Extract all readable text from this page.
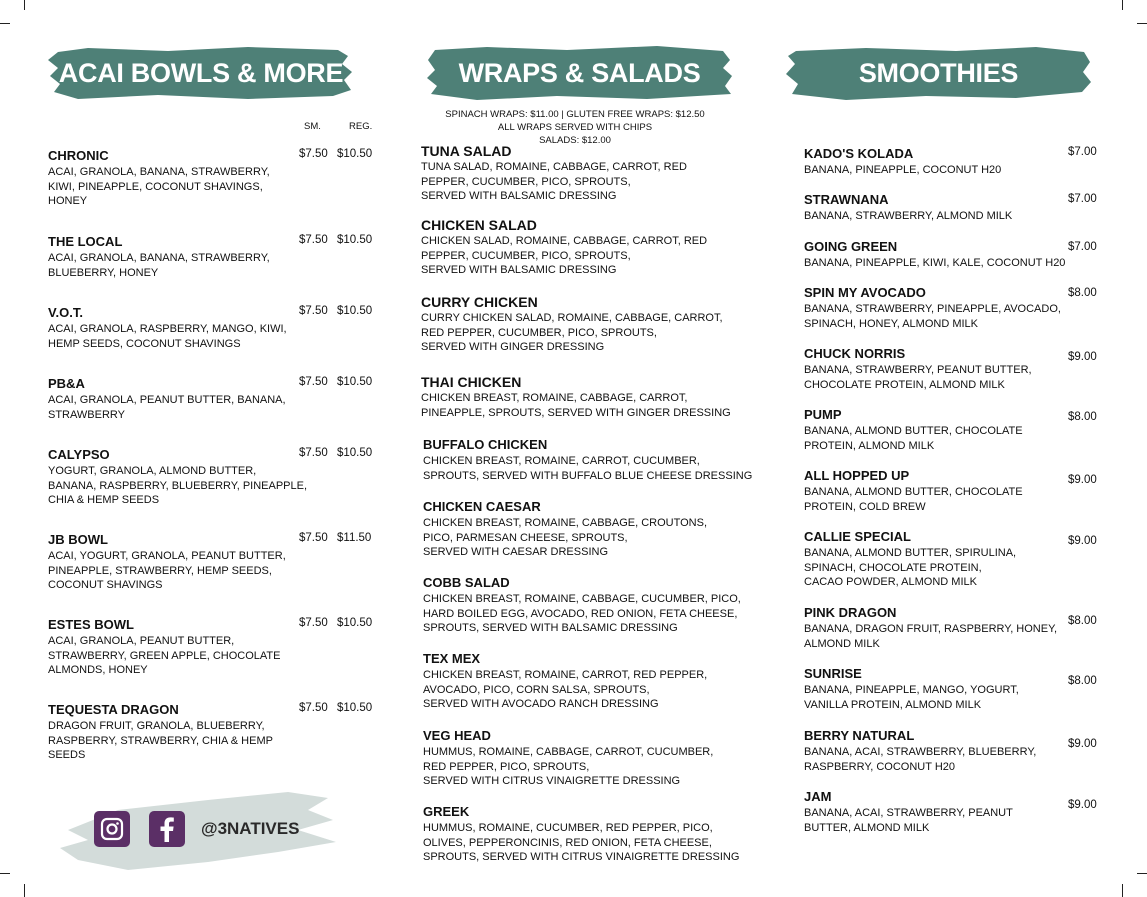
ACAI BOWLS & MORE
SM.	REG.
CHRONIC
ACAI, GRANOLA, BANANA, STRAWBERRY,
KIWI, PINEAPPLE, COCONUT SHAVINGS,
HONEY
$7.50 $10.50
THE LOCAL
ACAI, GRANOLA, BANANA, STRAWBERRY,
BLUEBERRY, HONEY
$7.50 $10.50
V.O.T.
ACAI, GRANOLA, RASPBERRY, MANGO, KIWI,
HEMP SEEDS, COCONUT SHAVINGS
$7.50 $10.50
PB&A
ACAI, GRANOLA, PEANUT BUTTER, BANANA,
STRAWBERRY
$7.50 $10.50
CALYPSO
YOGURT, GRANOLA, ALMOND BUTTER,
BANANA, RASPBERRY, BLUEBERRY, PINEAPPLE,
CHIA & HEMP SEEDS
$7.50 $10.50
JB BOWL
ACAI, YOGURT, GRANOLA, PEANUT BUTTER,
PINEAPPLE, STRAWBERRY, HEMP SEEDS,
COCONUT SHAVINGS
$7.50 $11.50
ESTES BOWL
ACAI, GRANOLA, PEANUT BUTTER,
STRAWBERRY, GREEN APPLE, CHOCOLATE
ALMONDS, HONEY
$7.50 $10.50
TEQUESTA DRAGON
DRAGON FRUIT, GRANOLA, BLUEBERRY,
RASPBERRY, STRAWBERRY, CHIA & HEMP
SEEDS
$7.50 $10.50
@3NATIVES
WRAPS & SALADS
SPINACH WRAPS: $11.00 | GLUTEN FREE WRAPS: $12.50
ALL WRAPS SERVED WITH CHIPS
SALADS: $12.00
TUNA SALAD
TUNA SALAD, ROMAINE, CABBAGE, CARROT, RED
PEPPER, CUCUMBER, PICO, SPROUTS,
SERVED WITH BALSAMIC DRESSING
CHICKEN SALAD
CHICKEN SALAD, ROMAINE, CABBAGE, CARROT, RED
PEPPER, CUCUMBER, PICO, SPROUTS,
SERVED WITH BALSAMIC DRESSING
CURRY CHICKEN
CURRY CHICKEN SALAD, ROMAINE, CABBAGE, CARROT,
RED PEPPER, CUCUMBER, PICO, SPROUTS,
SERVED WITH GINGER DRESSING
THAI CHICKEN
CHICKEN BREAST, ROMAINE, CABBAGE, CARROT,
PINEAPPLE, SPROUTS, SERVED WITH GINGER DRESSING
BUFFALO CHICKEN
CHICKEN BREAST, ROMAINE, CARROT, CUCUMBER,
SPROUTS, SERVED WITH BUFFALO BLUE CHEESE DRESSING
CHICKEN CAESAR
CHICKEN BREAST, ROMAINE, CABBAGE, CROUTONS,
PICO, PARMESAN CHEESE, SPROUTS,
SERVED WITH CAESAR DRESSING
COBB SALAD
CHICKEN BREAST, ROMAINE, CABBAGE, CUCUMBER, PICO,
HARD BOILED EGG, AVOCADO, RED ONION, FETA CHEESE,
SPROUTS, SERVED WITH BALSAMIC DRESSING
TEX MEX
CHICKEN BREAST, ROMAINE, CARROT, RED PEPPER,
AVOCADO, PICO, CORN SALSA, SPROUTS,
SERVED WITH AVOCADO RANCH DRESSING
VEG HEAD
HUMMUS, ROMAINE, CABBAGE, CARROT, CUCUMBER,
RED PEPPER, PICO, SPROUTS,
SERVED WITH CITRUS VINAIGRETTE DRESSING
GREEK
HUMMUS, ROMAINE, CUCUMBER, RED PEPPER, PICO,
OLIVES, PEPPERONCINIS, RED ONION, FETA CHEESE,
SPROUTS, SERVED WITH CITRUS VINAIGRETTE DRESSING
SMOOTHIES
KADO'S KOLADA
BANANA, PINEAPPLE, COCONUT H20
$7.00
STRAWNANA
BANANA, STRAWBERRY, ALMOND MILK
$7.00
GOING GREEN
BANANA, PINEAPPLE, KIWI, KALE, COCONUT H20
$7.00
SPIN MY AVOCADO
BANANA, STRAWBERRY, PINEAPPLE, AVOCADO,
SPINACH, HONEY, ALMOND MILK
$8.00
CHUCK NORRIS
BANANA, STRAWBERRY, PEANUT BUTTER,
CHOCOLATE PROTEIN, ALMOND MILK
$9.00
PUMP
BANANA, ALMOND BUTTER, CHOCOLATE
PROTEIN, ALMOND MILK
$8.00
ALL HOPPED UP
BANANA, ALMOND BUTTER, CHOCOLATE
PROTEIN, COLD BREW
$9.00
CALLIE SPECIAL
BANANA, ALMOND BUTTER, SPIRULINA,
SPINACH, CHOCOLATE PROTEIN,
CACAO POWDER, ALMOND MILK
$9.00
PINK DRAGON
BANANA, DRAGON FRUIT, RASPBERRY, HONEY,
ALMOND MILK
$8.00
SUNRISE
BANANA, PINEAPPLE, MANGO, YOGURT,
VANILLA PROTEIN, ALMOND MILK
$8.00
BERRY NATURAL
BANANA, ACAI, STRAWBERRY, BLUEBERRY,
RASPBERRY, COCONUT H20
$9.00
JAM
BANANA, ACAI, STRAWBERRY, PEANUT
BUTTER, ALMOND MILK
$9.00
